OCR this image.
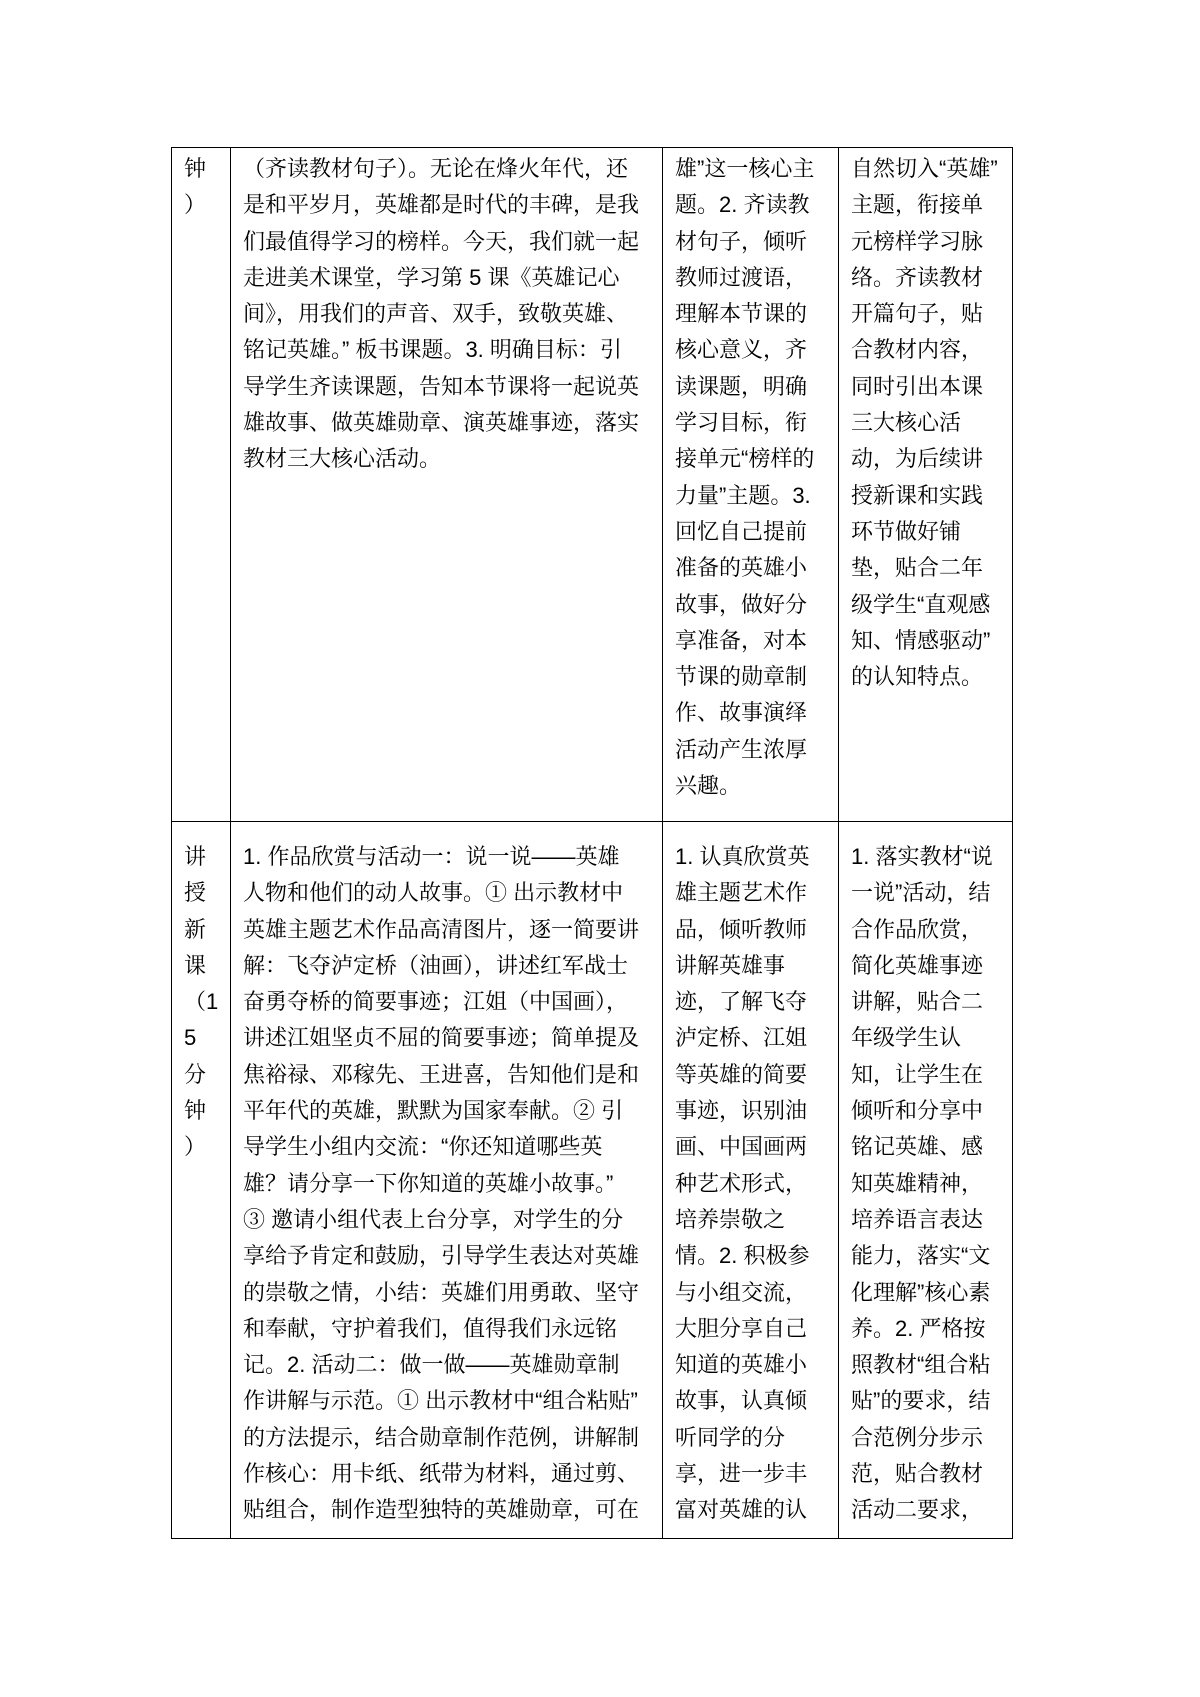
钟
）
（齐读教材句子）。无论在烽火年代，还
是和平岁月，英雄都是时代的丰碑，是我
们最值得学习的榜样。今天，我们就一起
走进美术课堂，学习第 5 课《英雄记心
间》，用我们的声音、双手，致敬英雄、
铭记英雄。” 板书课题。3. 明确目标：引
导学生齐读课题，告知本节课将一起说英
雄故事、做英雄勋章、演英雄事迹，落实
教材三大核心活动。
雄”这一核心主
题。2. 齐读教
材句子，倾听
教师过渡语，
理解本节课的
核心意义，齐
读课题，明确
学习目标，衔
接单元“榜样的
力量”主题。3.
回忆自己提前
准备的英雄小
故事，做好分
享准备，对本
节课的勋章制
作、故事演绎
活动产生浓厚
兴趣。
自然切入“英雄”
主题，衔接单
元榜样学习脉
络。齐读教材
开篇句子，贴
合教材内容，
同时引出本课
三大核心活
动，为后续讲
授新课和实践
环节做好铺
垫，贴合二年
级学生“直观感
知、情感驱动”
的认知特点。
讲
授
新
课
（1
5
分
钟
）
1. 作品欣赏与活动一：说一说——英雄
人物和他们的动人故事。① 出示教材中
英雄主题艺术作品高清图片，逐一简要讲
解：飞夺泸定桥（油画），讲述红军战士
奋勇夺桥的简要事迹；江姐（中国画），
讲述江姐坚贞不屈的简要事迹；简单提及
焦裕禄、邓稼先、王进喜，告知他们是和
平年代的英雄，默默为国家奉献。② 引
导学生小组内交流：“你还知道哪些英
雄？请分享一下你知道的英雄小故事。”
③ 邀请小组代表上台分享，对学生的分
享给予肯定和鼓励，引导学生表达对英雄
的崇敬之情，小结：英雄们用勇敢、坚守
和奉献，守护着我们，值得我们永远铭
记。2. 活动二：做一做——英雄勋章制
作讲解与示范。① 出示教材中“组合粘贴”
的方法提示，结合勋章制作范例，讲解制
作核心：用卡纸、纸带为材料，通过剪、
贴组合，制作造型独特的英雄勋章，可在
1. 认真欣赏英
雄主题艺术作
品，倾听教师
讲解英雄事
迹，了解飞夺
泸定桥、江姐
等英雄的简要
事迹，识别油
画、中国画两
种艺术形式，
培养崇敬之
情。2. 积极参
与小组交流，
大胆分享自己
知道的英雄小
故事，认真倾
听同学的分
享，进一步丰
富对英雄的认
1. 落实教材“说
一说”活动，结
合作品欣赏，
简化英雄事迹
讲解，贴合二
年级学生认
知，让学生在
倾听和分享中
铭记英雄、感
知英雄精神，
培养语言表达
能力，落实“文
化理解”核心素
养。2. 严格按
照教材“组合粘
贴”的要求，结
合范例分步示
范，贴合教材
活动二要求，
